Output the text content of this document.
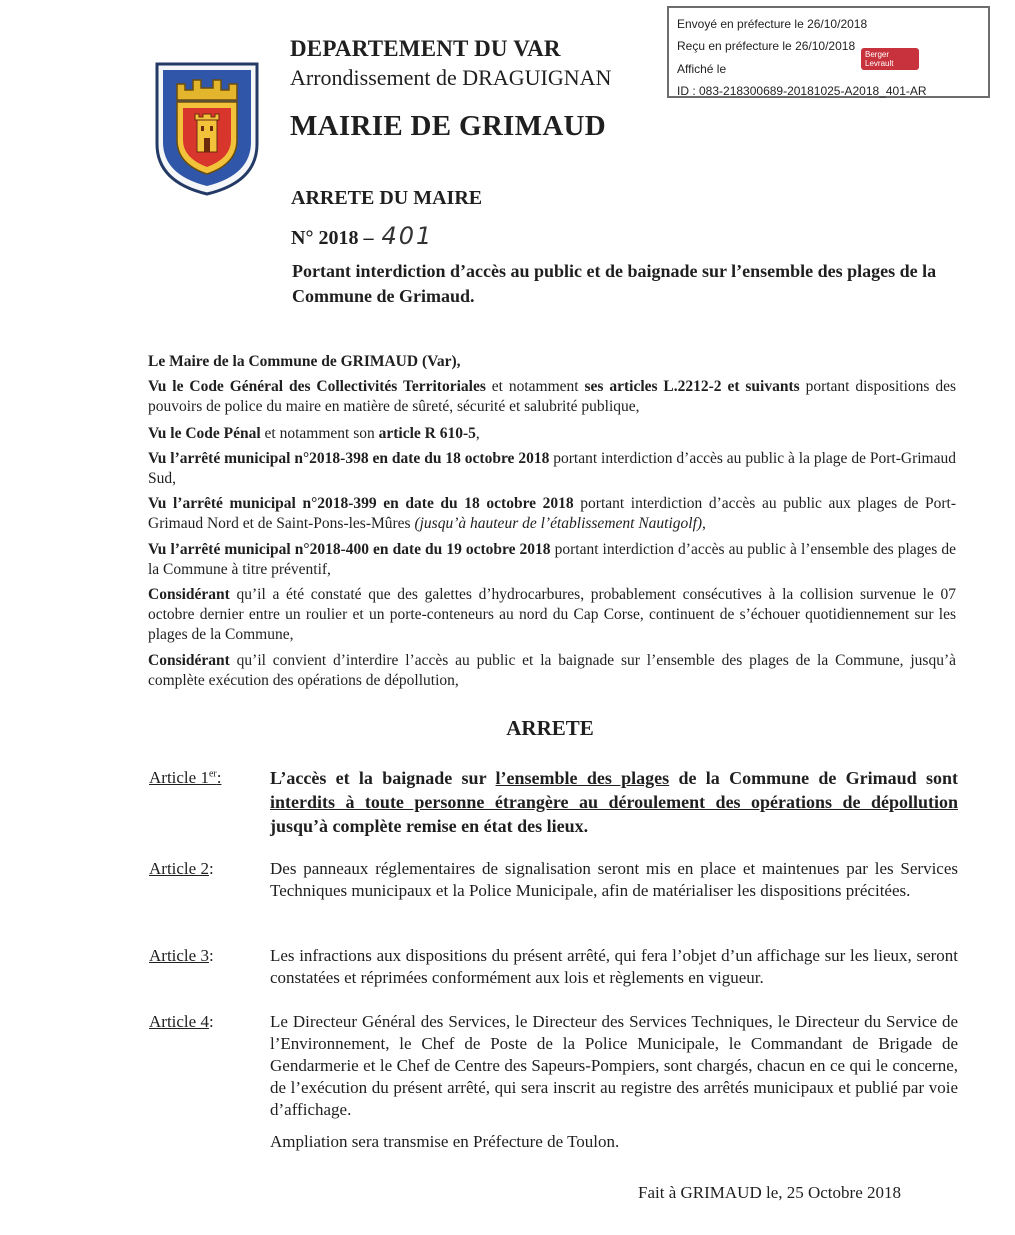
Envoyé en préfecture le 26/10/2018
Reçu en préfecture le 26/10/2018
Affiché le
ID : 083-218300689-20181025-A2018_401-AR
Berger Levrault
DEPARTEMENT DU VAR
Arrondissement de DRAGUIGNAN
MAIRIE DE GRIMAUD
ARRETE DU MAIRE
N° 2018 – 401
Portant interdiction d’accès au public et de baignade sur l’ensemble des plages de la Commune de Grimaud.
Le Maire de la Commune de GRIMAUD (Var),
Vu le Code Général des Collectivités Territoriales et notamment ses articles L.2212-2 et suivants portant dispositions des pouvoirs de police du maire en matière de sûreté, sécurité et salubrité publique,
Vu le Code Pénal et notamment son article R 610-5,
Vu l’arrêté municipal n°2018-398 en date du 18 octobre 2018 portant interdiction d’accès au public à la plage de Port-Grimaud Sud,
Vu l’arrêté municipal n°2018-399 en date du 18 octobre 2018 portant interdiction d’accès au public aux plages de Port-Grimaud Nord et de Saint-Pons-les-Mûres (jusqu’à hauteur de l’établissement Nautigolf),
Vu l’arrêté municipal n°2018-400 en date du 19 octobre 2018 portant interdiction d’accès au public à l’ensemble des plages de la Commune à titre préventif,
Considérant qu’il a été constaté que des galettes d’hydrocarbures, probablement consécutives à la collision survenue le 07 octobre dernier entre un roulier et un porte-conteneurs au nord du Cap Corse, continuent de s’échouer quotidiennement sur les plages de la Commune,
Considérant qu’il convient d’interdire l’accès au public et la baignade sur l’ensemble des plages de la Commune, jusqu’à complète exécution des opérations de dépollution,
ARRETE
Article 1er:	L’accès et la baignade sur l’ensemble des plages de la Commune de Grimaud sont interdits à toute personne étrangère au déroulement des opérations de dépollution jusqu’à complète remise en état des lieux.
Article 2:	Des panneaux réglementaires de signalisation seront mis en place et maintenues par les Services Techniques municipaux et la Police Municipale, afin de matérialiser les dispositions précitées.
Article 3:	Les infractions aux dispositions du présent arrêté, qui fera l’objet d’un affichage sur les lieux, seront constatées et réprimées conformément aux lois et règlements en vigueur.
Article 4:	Le Directeur Général des Services, le Directeur des Services Techniques, le Directeur du Service de l’Environnement, le Chef de Poste de la Police Municipale, le Commandant de Brigade de Gendarmerie et le Chef de Centre des Sapeurs-Pompiers, sont chargés, chacun en ce qui le concerne, de l’exécution du présent arrêté, qui sera inscrit au registre des arrêtés municipaux et publié par voie d’affichage.
Ampliation sera transmise en Préfecture de Toulon.
Fait à GRIMAUD le, 25 Octobre 2018
